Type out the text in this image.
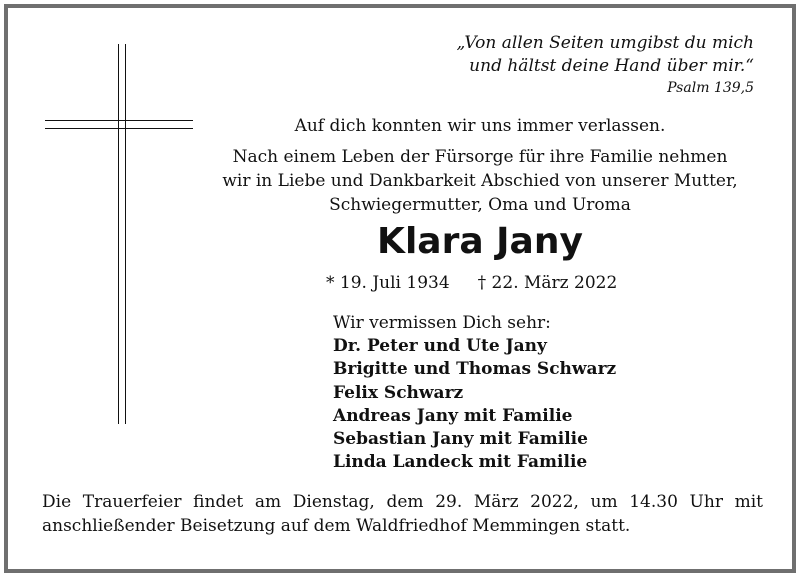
„Von allen Seiten umgibst du mich
und hältst deine Hand über mir.“
Psalm 139,5
Auf dich konnten wir uns immer verlassen.
Nach einem Leben der Fürsorge für ihre Familie nehmen
wir in Liebe und Dankbarkeit Abschied von unserer Mutter,
Schwiegermutter, Oma und Uroma
Klara Jany
* 19. Juli 1934 † 22. März 2022
Wir vermissen Dich sehr:
Dr. Peter und Ute Jany
Brigitte und Thomas Schwarz
Felix Schwarz
Andreas Jany mit Familie
Sebastian Jany mit Familie
Linda Landeck mit Familie
Die Trauerfeier findet am Dienstag, dem 29. März 2022, um 14.30 Uhr mit anschließender Beisetzung auf dem Waldfriedhof Memmingen statt.
